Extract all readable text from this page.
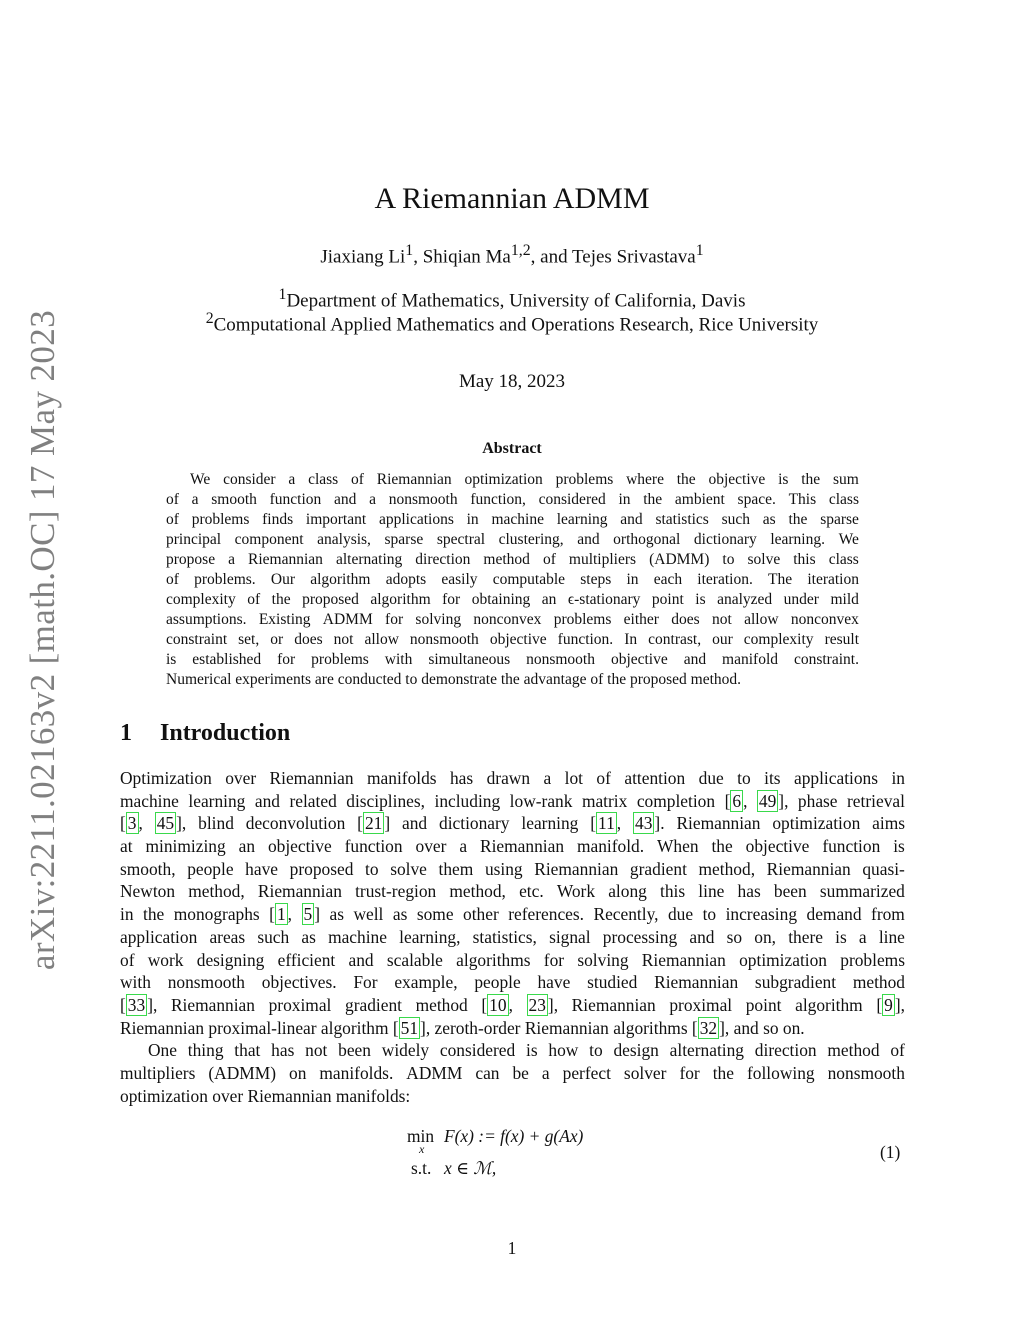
arXiv:2211.02163v2 [math.OC] 17 May 2023
A Riemannian ADMM
Jiaxiang Li$^1$, Shiqian Ma$^{1,2}$, and Tejes Srivastava$^1$
$^1$Department of Mathematics, University of California, Davis
$^2$Computational Applied Mathematics and Operations Research, Rice University
May 18, 2023
Abstract
We consider a class of Riemannian optimization problems where the objective is the sum
of a smooth function and a nonsmooth function, considered in the ambient space. This class
of problems finds important applications in machine learning and statistics such as the sparse
principal component analysis, sparse spectral clustering, and orthogonal dictionary learning. We
propose a Riemannian alternating direction method of multipliers (ADMM) to solve this class
of problems. Our algorithm adopts easily computable steps in each iteration. The iteration
complexity of the proposed algorithm for obtaining an ϵ-stationary point is analyzed under mild
assumptions. Existing ADMM for solving nonconvex problems either does not allow nonconvex
constraint set, or does not allow nonsmooth objective function. In contrast, our complexity result
is established for problems with simultaneous nonsmooth objective and manifold constraint.
Numerical experiments are conducted to demonstrate the advantage of the proposed method.
1 Introduction
Optimization over Riemannian manifolds has drawn a lot of attention due to its applications in
machine learning and related disciplines, including low-rank matrix completion [ 6 , 49 ], phase retrieval
[ 3 , 45 ], blind deconvolution [ 21 ] and dictionary learning [ 11 , 43 ]. Riemannian optimization aims
at minimizing an objective function over a Riemannian manifold. When the objective function is
smooth, people have proposed to solve them using Riemannian gradient method, Riemannian quasi-
Newton method, Riemannian trust-region method, etc. Work along this line has been summarized
in the monographs [ 1 , 5 ] as well as some other references. Recently, due to increasing demand from
application areas such as machine learning, statistics, signal processing and so on, there is a line
of work designing efficient and scalable algorithms for solving Riemannian optimization problems
with nonsmooth objectives. For example, people have studied Riemannian subgradient method
[ 33 ], Riemannian proximal gradient method [ 10 , 23 ], Riemannian proximal point algorithm [ 9 ],
Riemannian proximal-linear algorithm [ 51 ], zeroth-order Riemannian algorithms [ 32 ], and so on.
One thing that has not been widely considered is how to design alternating direction method of
multipliers (ADMM) on manifolds. ADMM can be a perfect solver for the following nonsmooth
optimization over Riemannian manifolds:
min
x
F(x) := f(x) + g(Ax)
s.t. x ∈ ℳ,
(1)
1
